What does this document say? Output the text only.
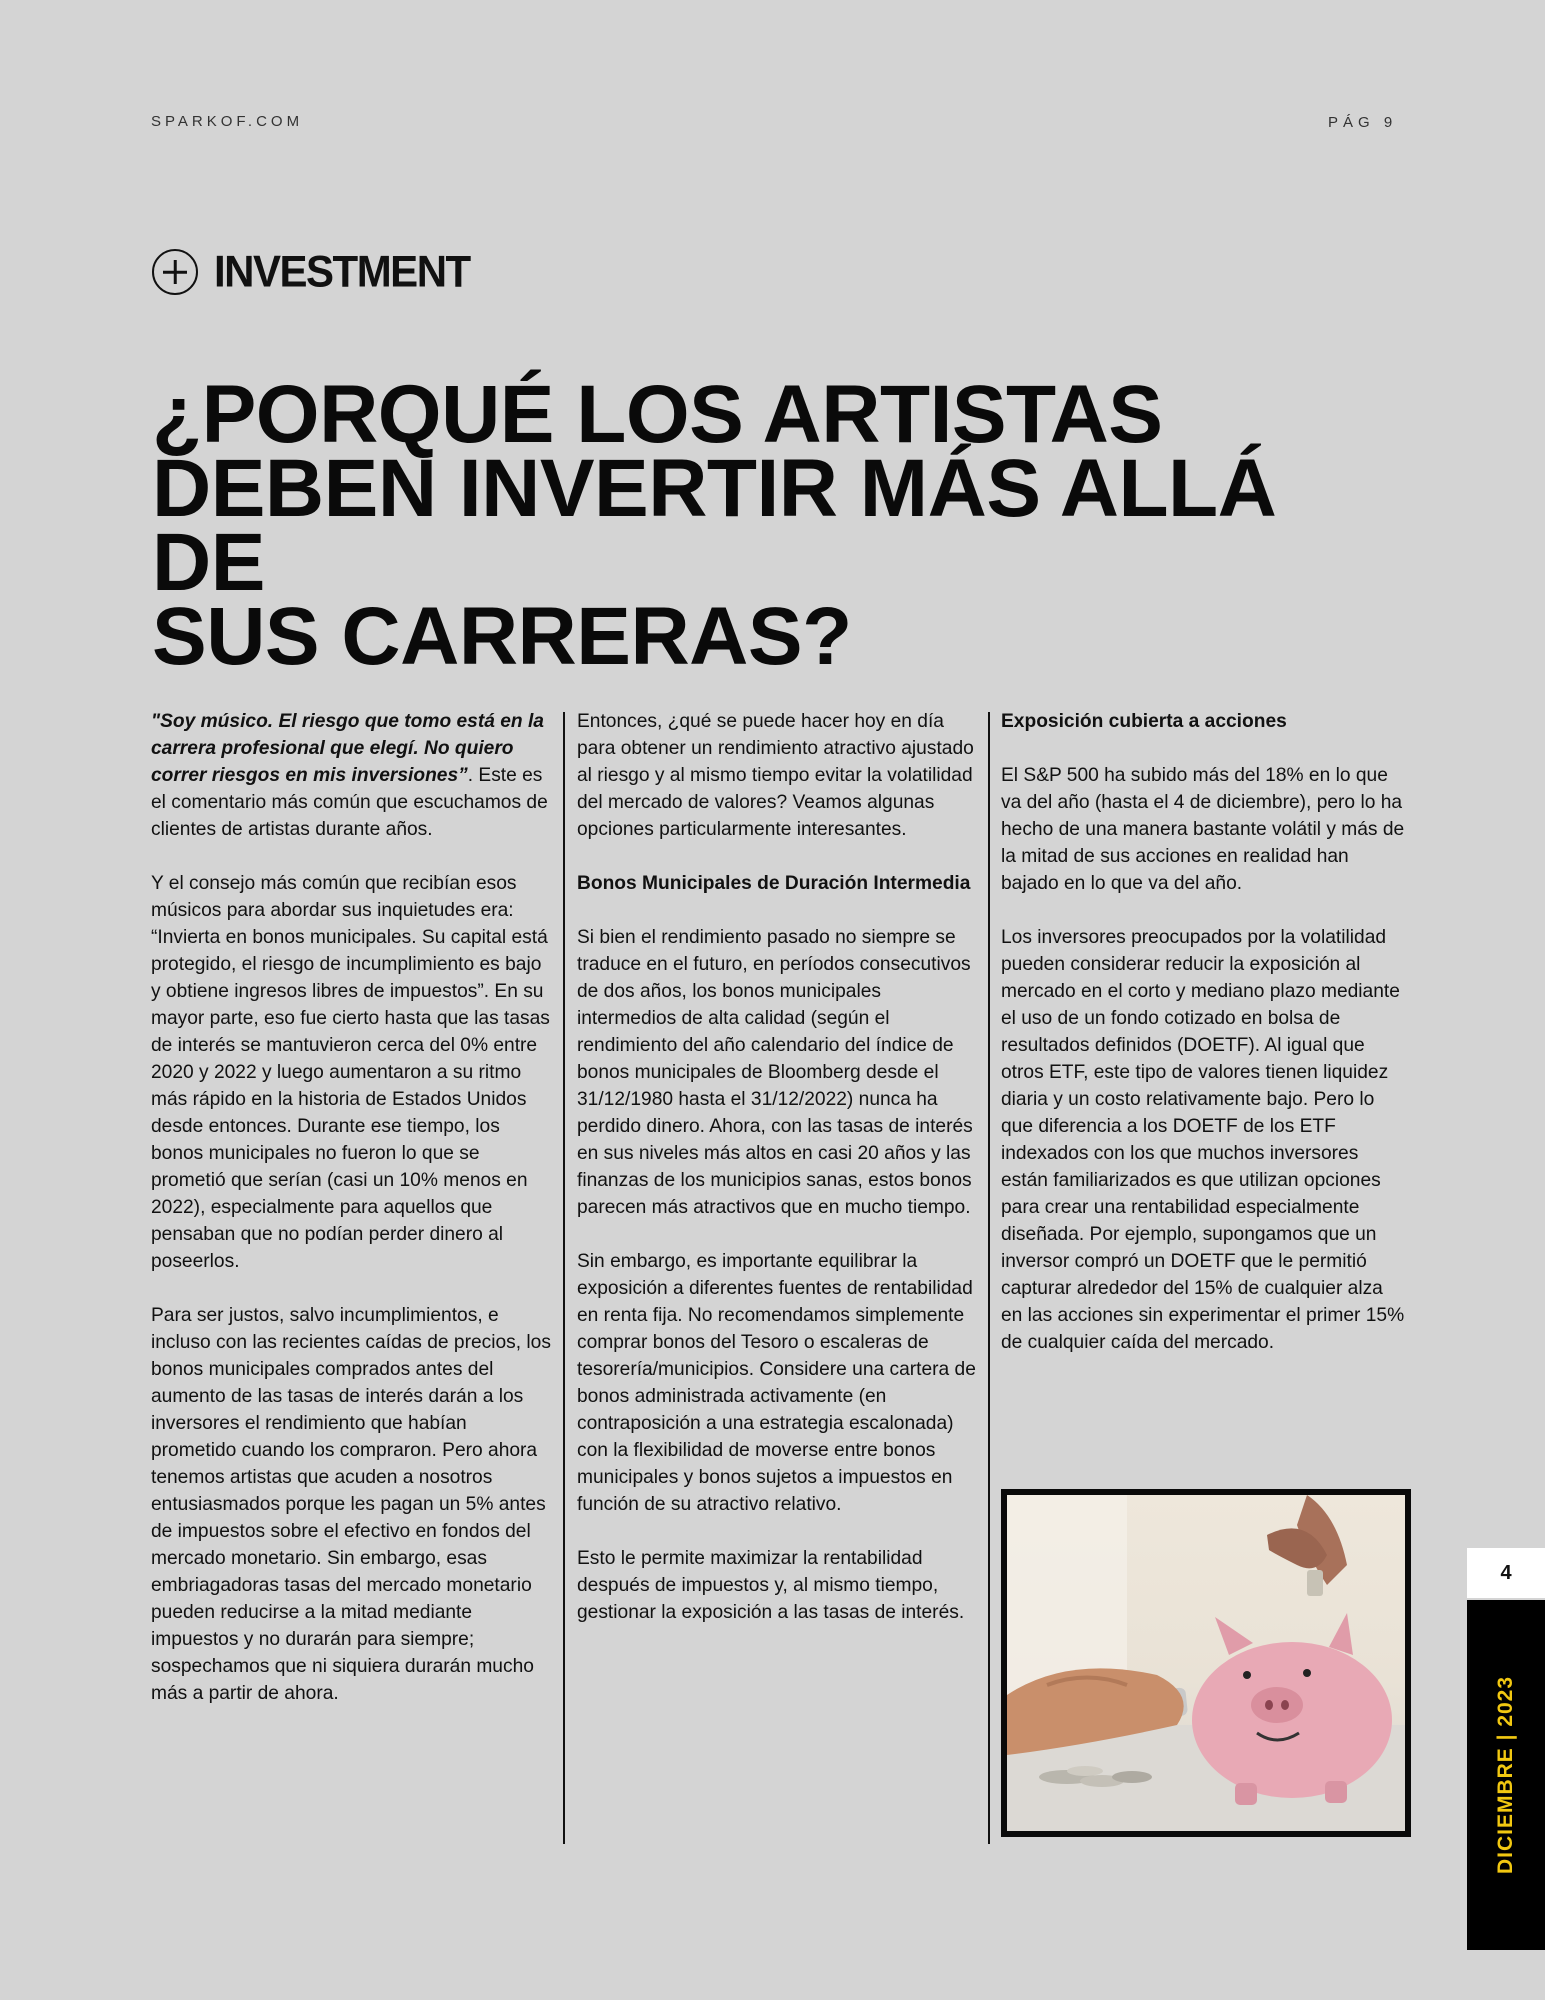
SPARKOF.COM	PÁG 9
INVESTMENT
¿PORQUÉ LOS ARTISTAS
DEBEN INVERTIR MÁS ALLÁ DE
SUS CARRERAS?

"Soy músico. El riesgo que tomo está en la carrera profesional que elegí. No quiero correr riesgos en mis inversiones”. Este es el comentario más común que escuchamos de clientes de artistas durante años.

Y el consejo más común que recibían esos músicos para abordar sus inquietudes era: “Invierta en bonos municipales. Su capital está protegido, el riesgo de incumplimiento es bajo y obtiene ingresos libres de impuestos”. En su mayor parte, eso fue cierto hasta que las tasas de interés se mantuvieron cerca del 0% entre 2020 y 2022 y luego aumentaron a su ritmo más rápido en la historia de Estados Unidos desde entonces. Durante ese tiempo, los bonos municipales no fueron lo que se prometió que serían (casi un 10% menos en 2022), especialmente para aquellos que pensaban que no podían perder dinero al poseerlos.

Para ser justos, salvo incumplimientos, e incluso con las recientes caídas de precios, los bonos municipales comprados antes del aumento de las tasas de interés darán a los inversores el rendimiento que habían prometido cuando los compraron. Pero ahora tenemos artistas que acuden a nosotros entusiasmados porque les pagan un 5% antes de impuestos sobre el efectivo en fondos del mercado monetario. Sin embargo, esas embriagadoras tasas del mercado monetario pueden reducirse a la mitad mediante impuestos y no durarán para siempre; sospechamos que ni siquiera durarán mucho más a partir de ahora.

Entonces, ¿qué se puede hacer hoy en día para obtener un rendimiento atractivo ajustado al riesgo y al mismo tiempo evitar la volatilidad del mercado de valores? Veamos algunas opciones particularmente interesantes.

Bonos Municipales de Duración Intermedia

Si bien el rendimiento pasado no siempre se traduce en el futuro, en períodos consecutivos de dos años, los bonos municipales intermedios de alta calidad (según el rendimiento del año calendario del índice de bonos municipales de Bloomberg desde el 31/12/1980 hasta el 31/12/2022) nunca ha perdido dinero. Ahora, con las tasas de interés en sus niveles más altos en casi 20 años y las finanzas de los municipios sanas, estos bonos parecen más atractivos que en mucho tiempo.

Sin embargo, es importante equilibrar la exposición a diferentes fuentes de rentabilidad en renta fija. No recomendamos simplemente comprar bonos del Tesoro o escaleras de tesorería/municipios. Considere una cartera de bonos administrada activamente (en contraposición a una estrategia escalonada) con la flexibilidad de moverse entre bonos municipales y bonos sujetos a impuestos en función de su atractivo relativo.

Esto le permite maximizar la rentabilidad después de impuestos y, al mismo tiempo, gestionar la exposición a las tasas de interés.

Exposición cubierta a acciones

El S&P 500 ha subido más del 18% en lo que va del año (hasta el 4 de diciembre), pero lo ha hecho de una manera bastante volátil y más de la mitad de sus acciones en realidad han bajado en lo que va del año.

Los inversores preocupados por la volatilidad pueden considerar reducir la exposición al mercado en el corto y mediano plazo mediante el uso de un fondo cotizado en bolsa de resultados definidos (DOETF). Al igual que otros ETF, este tipo de valores tienen liquidez diaria y un costo relativamente bajo. Pero lo que diferencia a los DOETF de los ETF indexados con los que muchos inversores están familiarizados es que utilizan opciones para crear una rentabilidad especialmente diseñada. Por ejemplo, supongamos que un inversor compró un DOETF que le permitió capturar alrededor del 15% de cualquier alza en las acciones sin experimentar el primer 15% de cualquier caída del mercado.

4
DICIEMBRE | 2023
